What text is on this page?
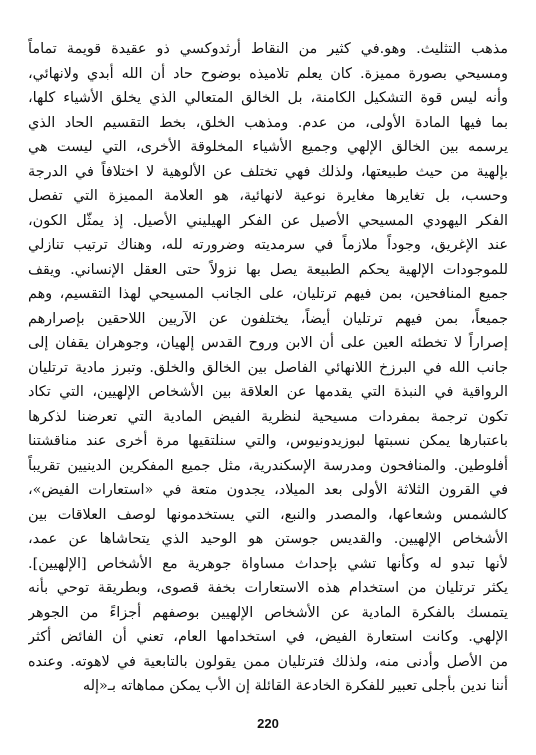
مذهب التثليث. وهو.في كثير من النقاط أرثدوكسي ذو عقيدة قويمة تماماً
ومسيحي بصورة مميزة. كان يعلم تلاميذه بوضوح حاد أن الله أبدي ولانهائي،
وأنه ليس قوة التشكيل الكامنة، بل الخالق المتعالي الذي يخلق الأشياء كلها،
بما فيها المادة الأولى، من عدم. ومذهب الخلق، بخط التقسيم الحاد الذي
يرسمه بين الخالق الإلهي وجميع الأشياء المخلوقة الأخرى، التي ليست هي
بإلهية من حيث طبيعتها، ولذلك فهي تختلف عن الألوهية لا اختلافاً في الدرجة
وحسب، بل تغايرها مغايرة نوعية لانهائية، هو العلامة المميزة التي تفصل
الفكر اليهودي المسيحي الأصيل عن الفكر الهيليني الأصيل. إذ يمثّل الكون،
عند الإغريق، وجوداً ملازماً في سرمديته وضرورته لله، وهناك ترتيب تنازلي
للموجودات الإلهية يحكم الطبيعة يصل بها نزولاً حتى العقل الإنساني. ويقف
جميع المنافحين، بمن فيهم ترتليان، على الجانب المسيحي لهذا التقسيم، وهم
جميعاً، بمن فيهم ترتليان أيضاً، يختلفون عن الآريين اللاحقين بإصرارهم
إصراراً لا تخطئه العين على أن الابن وروح القدس إلهيان، وجوهران يقفان إلى
جانب الله في البرزخ اللانهائي الفاصل بين الخالق والخلق. وتبرز مادية ترتليان
الرواقية في النبذة التي يقدمها عن العلاقة بين الأشخاص الإلهيين، التي تكاد
تكون ترجمة بمفردات مسيحية لنظرية الفيض المادية التي تعرضنا لذكرها
باعتبارها يمكن نسبتها لبوزيدونيوس، والتي سنلتقيها مرة أخرى عند مناقشتنا
أفلوطين. والمنافحون ومدرسة الإسكندرية، مثل جميع المفكرين الدينيين تقريباً
في القرون الثلاثة الأولى بعد الميلاد، يجدون متعة في «استعارات الفيض»،
كالشمس وشعاعها، والمصدر والنبع، التي يستخدمونها لوصف العلاقات بين
الأشخاص الإلهيين. والقديس جوستن هو الوحيد الذي يتحاشاها عن عمد،
لأنها تبدو له وكأنها تشي بإحداث مساواة جوهرية مع الأشخاص [الإلهيين].
يكثر ترتليان من استخدام هذه الاستعارات بخفة قصوى، وبطريقة توحي بأنه
يتمسك بالفكرة المادية عن الأشخاص الإلهيين بوصفهم أجزاءً من الجوهر
الإلهي. وكانت استعارة الفيض، في استخدامها العام، تعني أن الفائض أكثر
من الأصل وأدنى منه، ولذلك فترتليان ممن يقولون بالتابعية في لاهوته. وعنده
أننا ندين بأجلى تعبير للفكرة الخادعة القائلة إن الأب يمكن مماهاته بـ«إله
220
